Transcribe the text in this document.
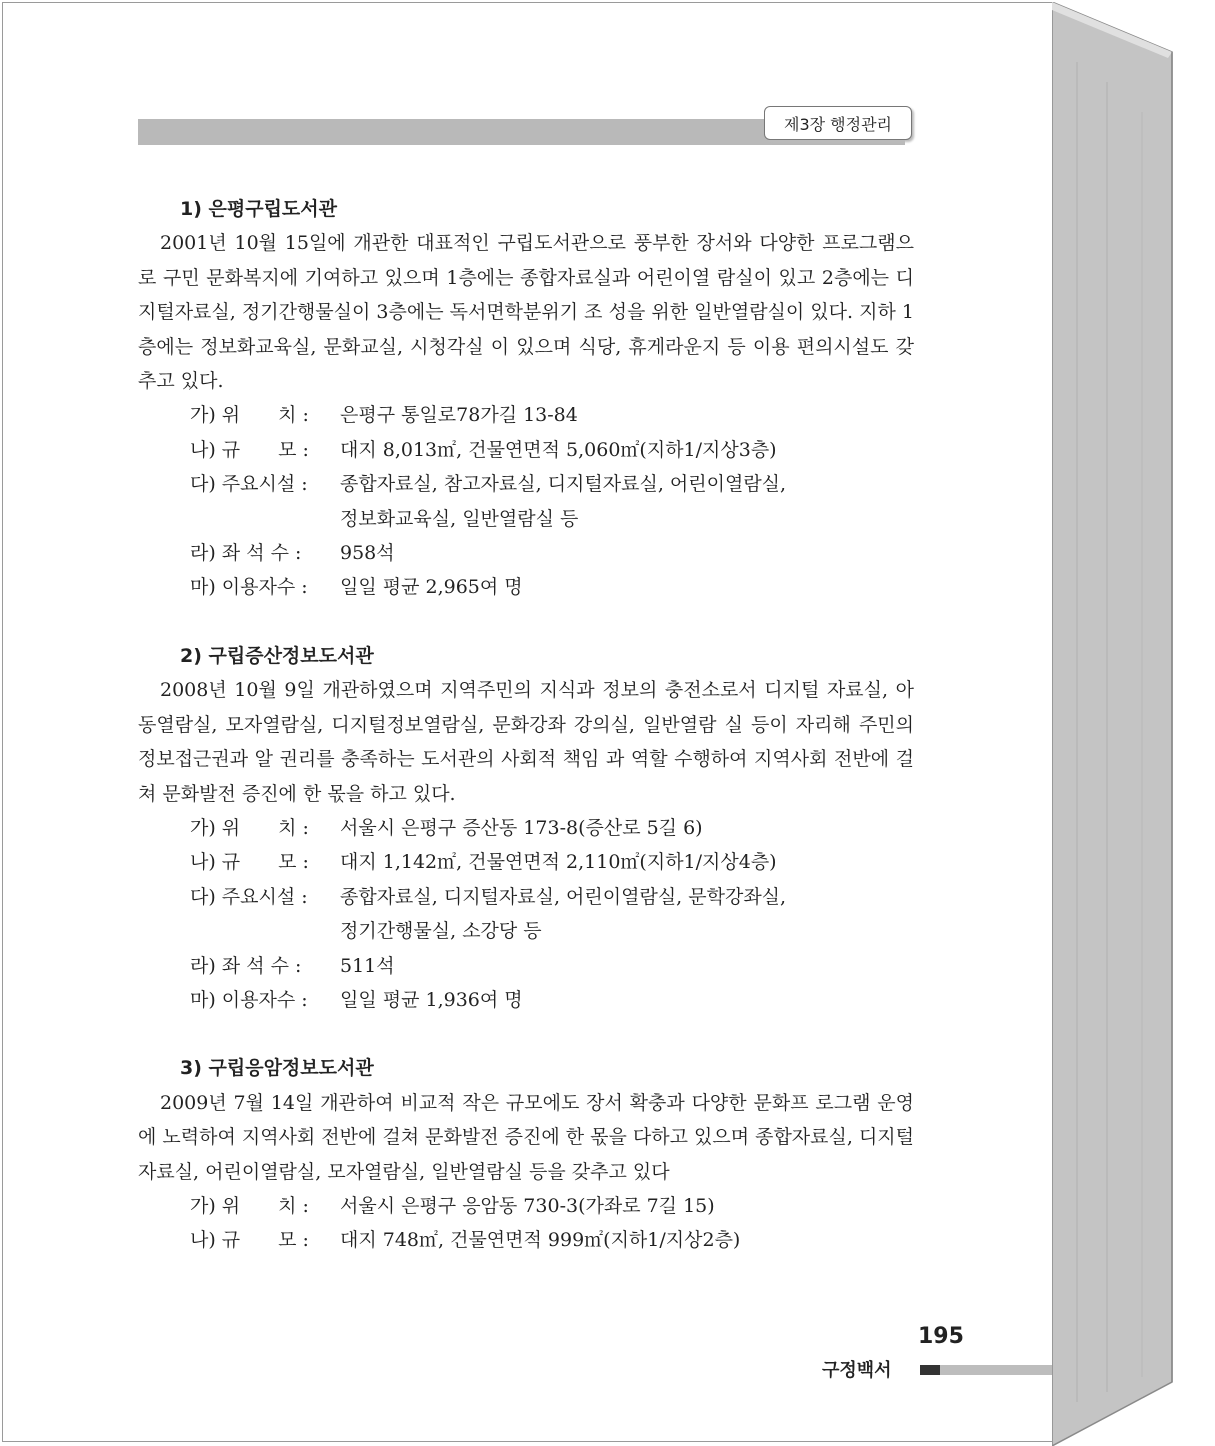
제3장 행정관리
1) 은평구립도서관
2001년 10월 15일에 개관한 대표적인 구립도서관으로 풍부한 장서와 다양한 프로그램으로 구민 문화복지에 기여하고 있으며 1층에는 종합자료실과 어린이열 람실이 있고 2층에는 디지털자료실, 정기간행물실이 3층에는 독서면학분위기 조 성을 위한 일반열람실이 있다. 지하 1층에는 정보화교육실, 문화교실, 시청각실 이 있으며 식당, 휴게라운지 등 이용 편의시설도 갖추고 있다.
가) 위　　치 :	은평구 통일로78가길 13-84
나) 규　　모 :	대지 8,013㎡, 건물연면적 5,060㎡(지하1/지상3층)
다) 주요시설 :	종합자료실, 참고자료실, 디지털자료실, 어린이열람실,
정보화교육실, 일반열람실 등
라) 좌 석 수 :	958석
마) 이용자수 :	일일 평균 2,965여 명
2) 구립증산정보도서관
2008년 10월 9일 개관하였으며 지역주민의 지식과 정보의 충전소로서 디지털 자료실, 아동열람실, 모자열람실, 디지털정보열람실, 문화강좌 강의실, 일반열람 실 등이 자리해 주민의 정보접근권과 알 권리를 충족하는 도서관의 사회적 책임 과 역할 수행하여 지역사회 전반에 걸쳐 문화발전 증진에 한 몫을 하고 있다.
가) 위　　치 :	서울시 은평구 증산동 173-8(증산로 5길 6)
나) 규　　모 :	대지 1,142㎡, 건물연면적 2,110㎡(지하1/지상4층)
다) 주요시설 :	종합자료실, 디지털자료실, 어린이열람실, 문학강좌실,
정기간행물실, 소강당 등
라) 좌 석 수 :	511석
마) 이용자수 :	일일 평균 1,936여 명
3) 구립응암정보도서관
2009년 7월 14일 개관하여 비교적 작은 규모에도 장서 확충과 다양한 문화프 로그램 운영에 노력하여 지역사회 전반에 걸쳐 문화발전 증진에 한 몫을 다하고 있으며 종합자료실, 디지털자료실, 어린이열람실, 모자열람실, 일반열람실 등을 갖추고 있다
가) 위　　치 :	서울시 은평구 응암동 730-3(가좌로 7길 15)
나) 규　　모 :	대지 748㎡, 건물연면적 999㎡(지하1/지상2층)
195
구정백서
